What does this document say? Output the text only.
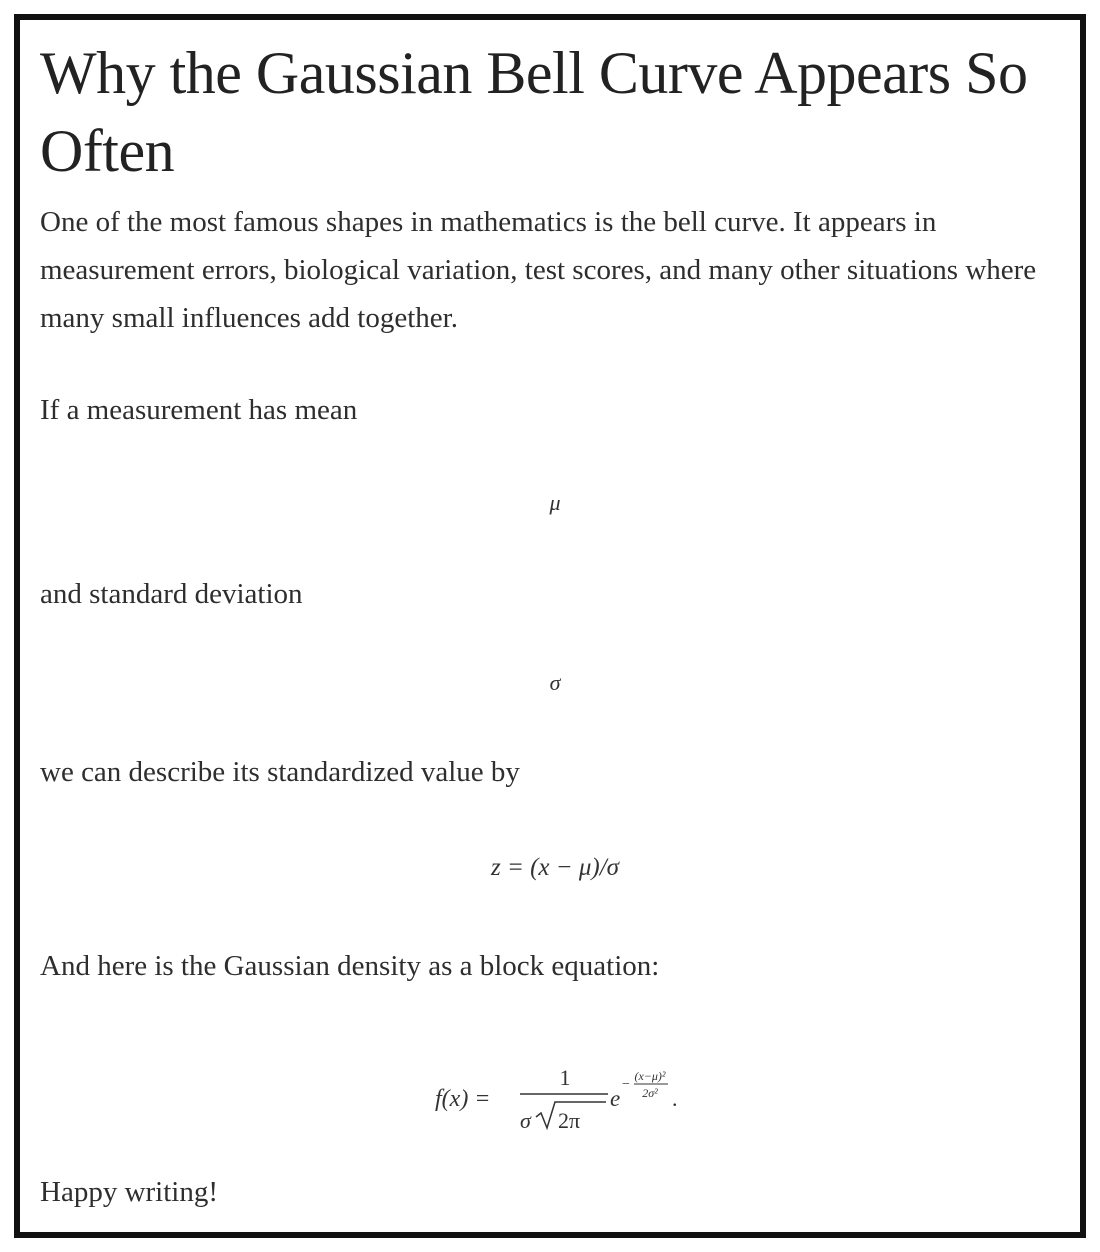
Why the Gaussian Bell Curve Appears So Often

One of the most famous shapes in mathematics is the bell curve. It appears in measurement errors, biological variation, test scores, and many other situations where many small influences add together.

If a measurement has mean

μ

and standard deviation

σ

we can describe its standardized value by

z = (x − μ)/σ

And here is the Gaussian density as a block equation:

f(x) =
1
σ 2π
e
−
(x−μ)²
2σ² .

Happy writing!
